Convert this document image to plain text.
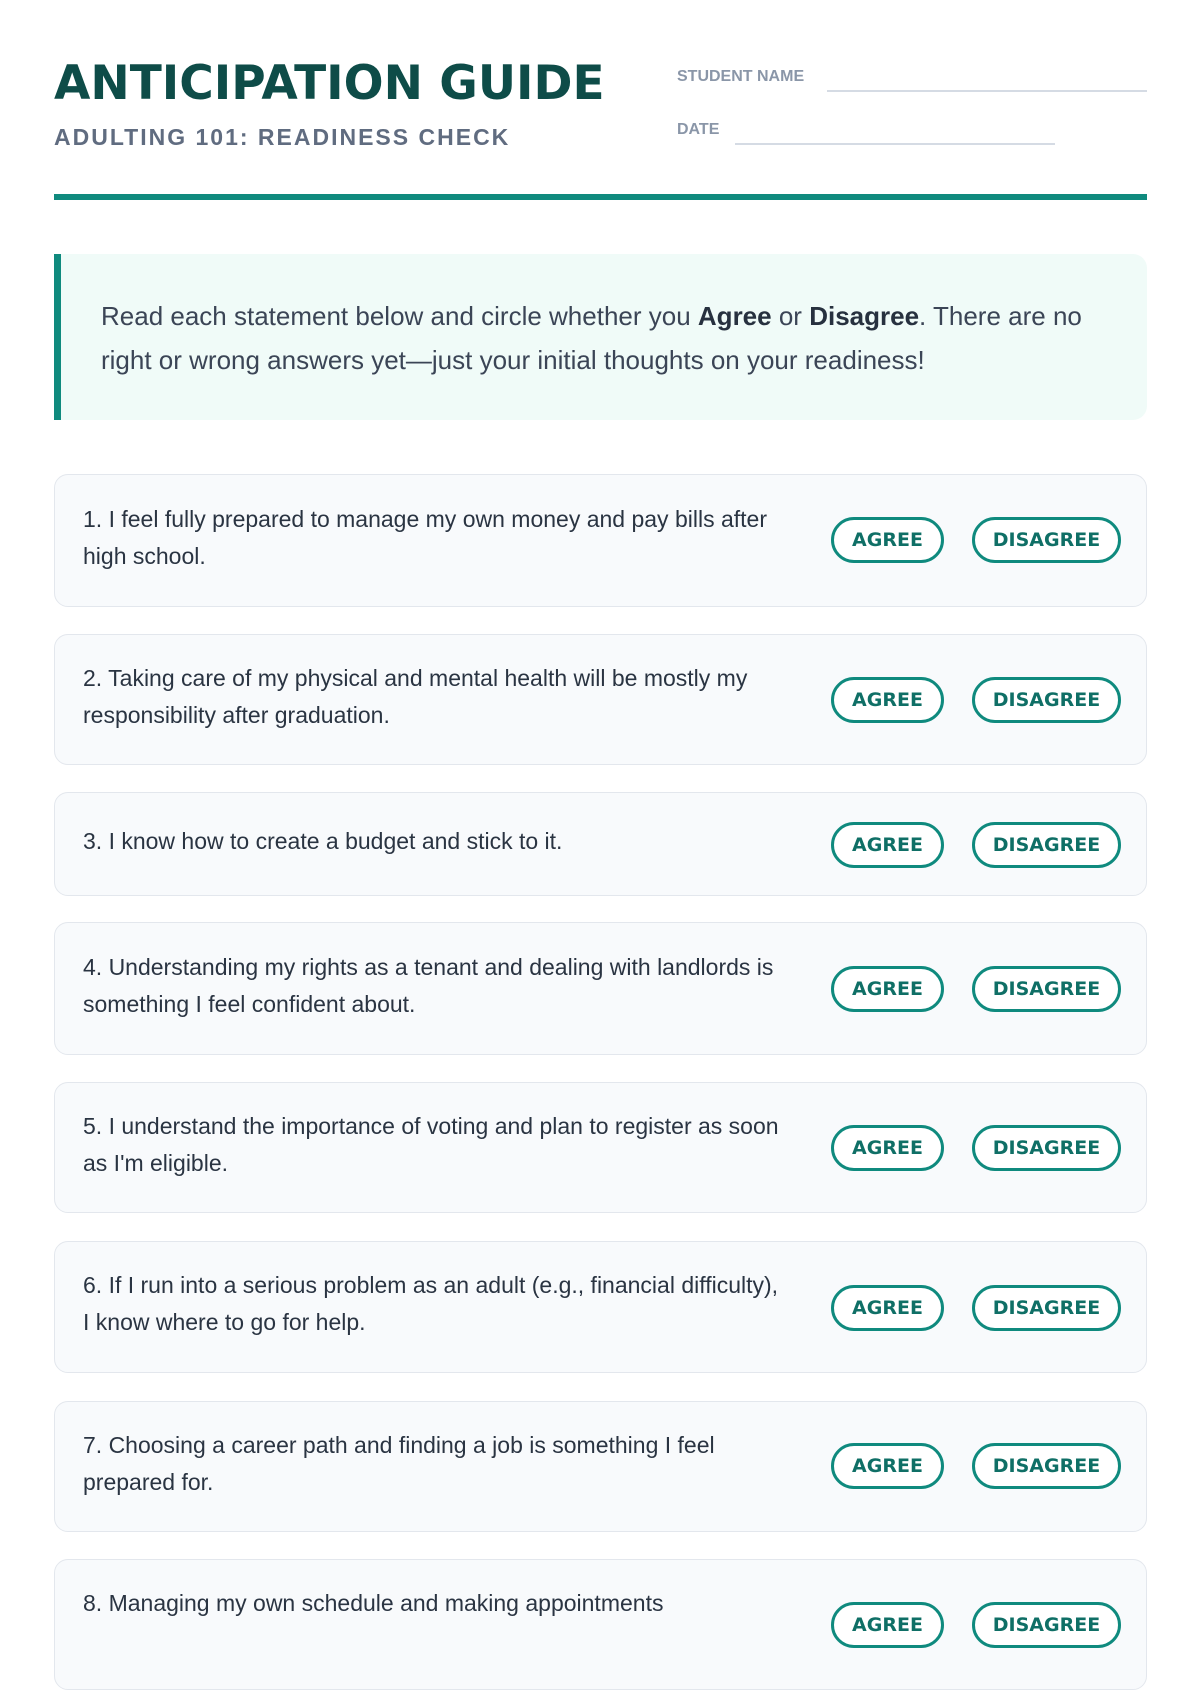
ANTICIPATION GUIDE
ADULTING 101: READINESS CHECK
STUDENT NAME
DATE

Read each statement below and circle whether you Agree or Disagree. There are no right or wrong answers yet—just your initial thoughts on your readiness!

1. I feel fully prepared to manage my own money and pay bills after high school.

AGREE	DISAGREE

2. Taking care of my physical and mental health will be mostly my responsibility after graduation.

AGREE	DISAGREE

3. I know how to create a budget and stick to it.	AGREE	DISAGREE

4. Understanding my rights as a tenant and dealing with landlords is something I feel confident about.

AGREE	DISAGREE

5. I understand the importance of voting and plan to register as soon as I'm eligible.

AGREE	DISAGREE

6. If I run into a serious problem as an adult (e.g., financial difficulty), I know where to go for help.

AGREE	DISAGREE

7. Choosing a career path and finding a job is something I feel prepared for.

AGREE	DISAGREE

8. Managing my own schedule and making appointments

AGREE	DISAGREE
